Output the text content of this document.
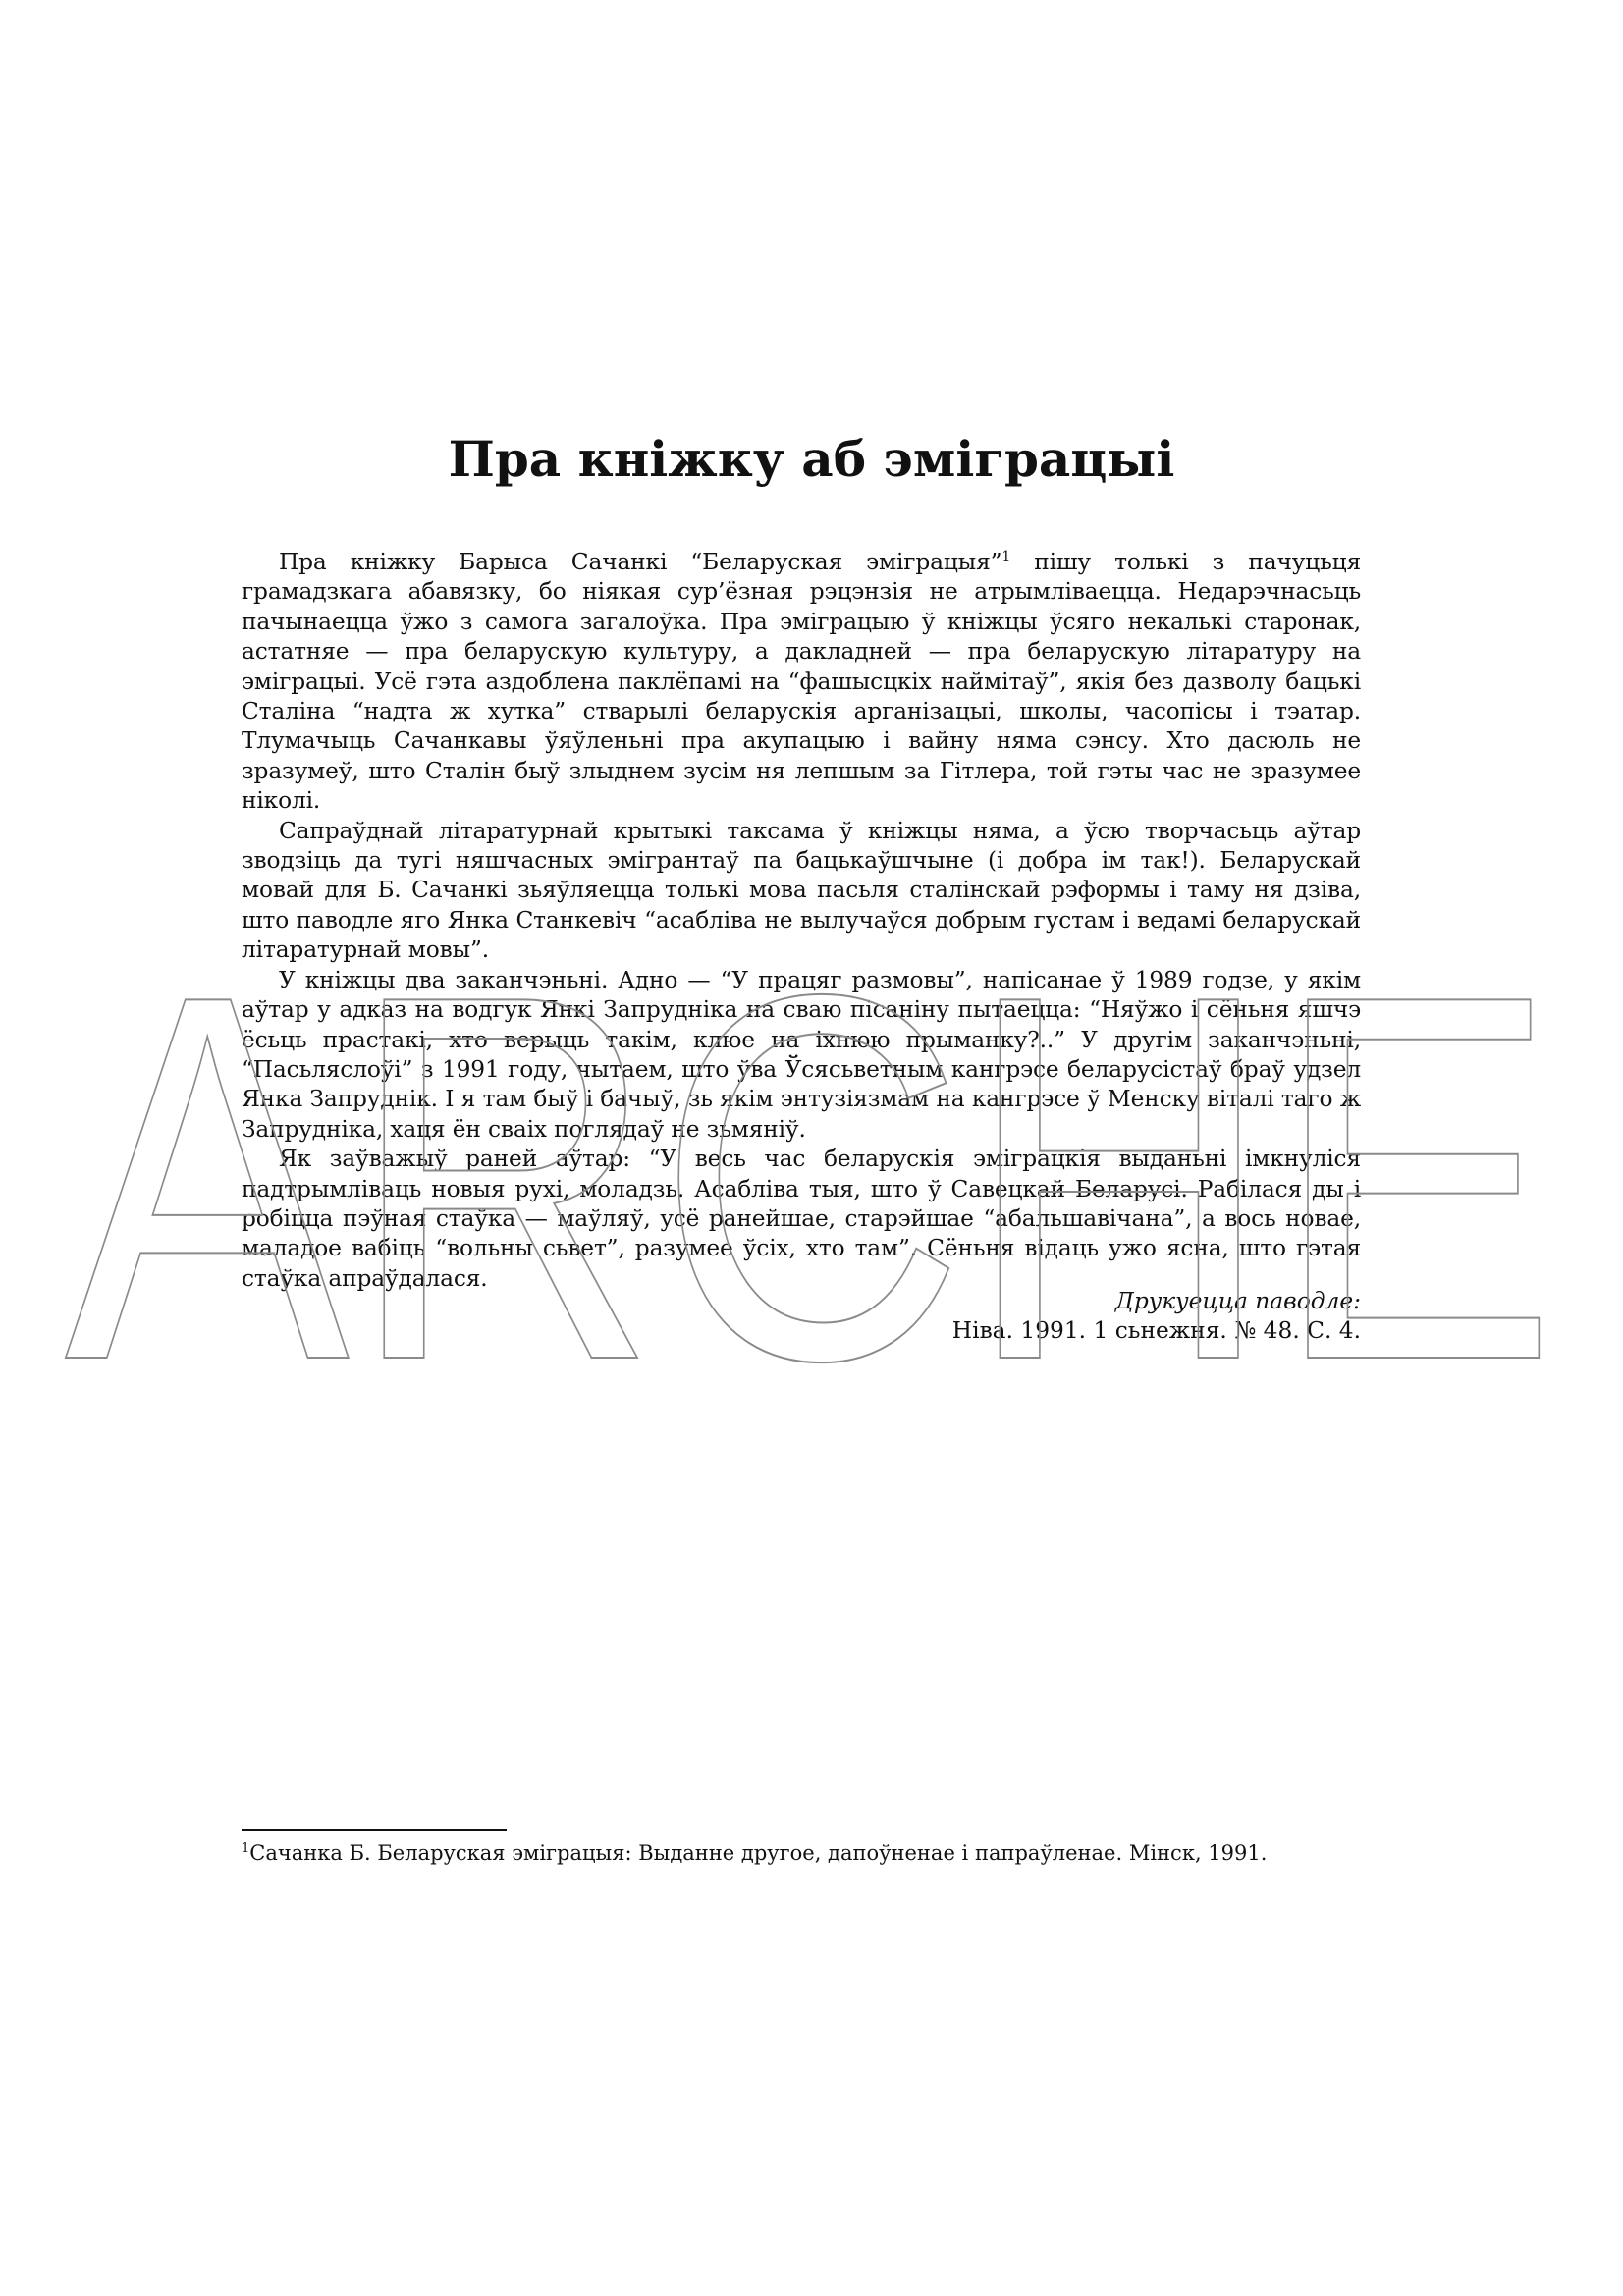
Пра кніжку аб эміграцыі

Пра кніжку Барыса Сачанкі “Беларуская эміграцыя”$^1$ пішу толькі з пачуцьця грамадзкага абавязку, бо ніякая сур’ёзная рэцэнзія не атрымліваецца. Недарэчнасьць пачынаецца ўжо з самога загалоўка. Пра эміграцыю ў кніжцы ўсяго некалькі старонак, астатняе — пра беларускую культуру, а дакладней — пра беларускую літаратуру на эміграцыі. Усё гэта аздоблена паклёпамі на “фашысцкіх наймітаў”, якія без дазволу бацькі Сталіна “надта ж хутка” стварылі беларускія арганізацыі, школы, часопісы і тэатар. Тлумачыць Сачанкавы ўяўленьні пра акупацыю і вайну няма сэнсу. Хто дасюль не зразумеў, што Сталін быў злыднем зусім ня лепшым за Гітлера, той гэты час не зразумее ніколі.

Сапраўднай літаратурнай крытыкі таксама ў кніжцы няма, а ўсю творчасьць аўтар зводзіць да тугі няшчасных эмігрантаў па бацькаўшчыне (і добра ім так!). Беларускай мовай для Б. Сачанкі зьяўляецца толькі мова пасьля сталінскай рэформы і таму ня дзіва, што паводле яго Янка Станкевіч “асабліва не вылучаўся добрым густам і ведамі беларускай літаратурнай мовы”.

У кніжцы два заканчэньні. Адно — “У працяг размовы”, напісанае ў 1989 годзе, у якім аўтар у адказ на водгук Янкі Запрудніка на сваю пісаніну пытаецца: “Няўжо і сёньня яшчэ ёсьць прастакі, хто верыць такім, клюе на іхнюю прыманку?..” У другім заканчэньні, “Пасьляслоўі” з 1991 году, чытаем, што ўва Ўсясьветным кангрэсе беларусістаў браў удзел Янка Запруднік. І я там быў і бачыў, зь якім энтузіязмам на кангрэсе ў Менску віталі таго ж Запрудніка, хаця ён сваіх поглядаў не зьмяніў.

Як заўважыў раней аўтар: “У весь час беларускія эміграцкія выданьні імкнуліся падтрымліваць новыя рухі, моладзь. Асабліва тыя, што ў Савецкай Беларусі. Рабілася ды і робіцца пэўная стаўка — маўляў, усё ранейшае, старэйшае “абальшавічана”, а вось новае, маладое вабіць “вольны сьвет”, разумее ўсіх, хто там”. Сёньня відаць ужо ясна, што гэтая стаўка апраўдалася.

Друкуецца паводле:
Ніва. 1991. 1 сьнежня. № 48. С. 4.
$^1$Сачанка Б. Беларуская эміграцыя: Выданне другое, дапоўненае і папраўленае. Мінск, 1991.
ARCHE
